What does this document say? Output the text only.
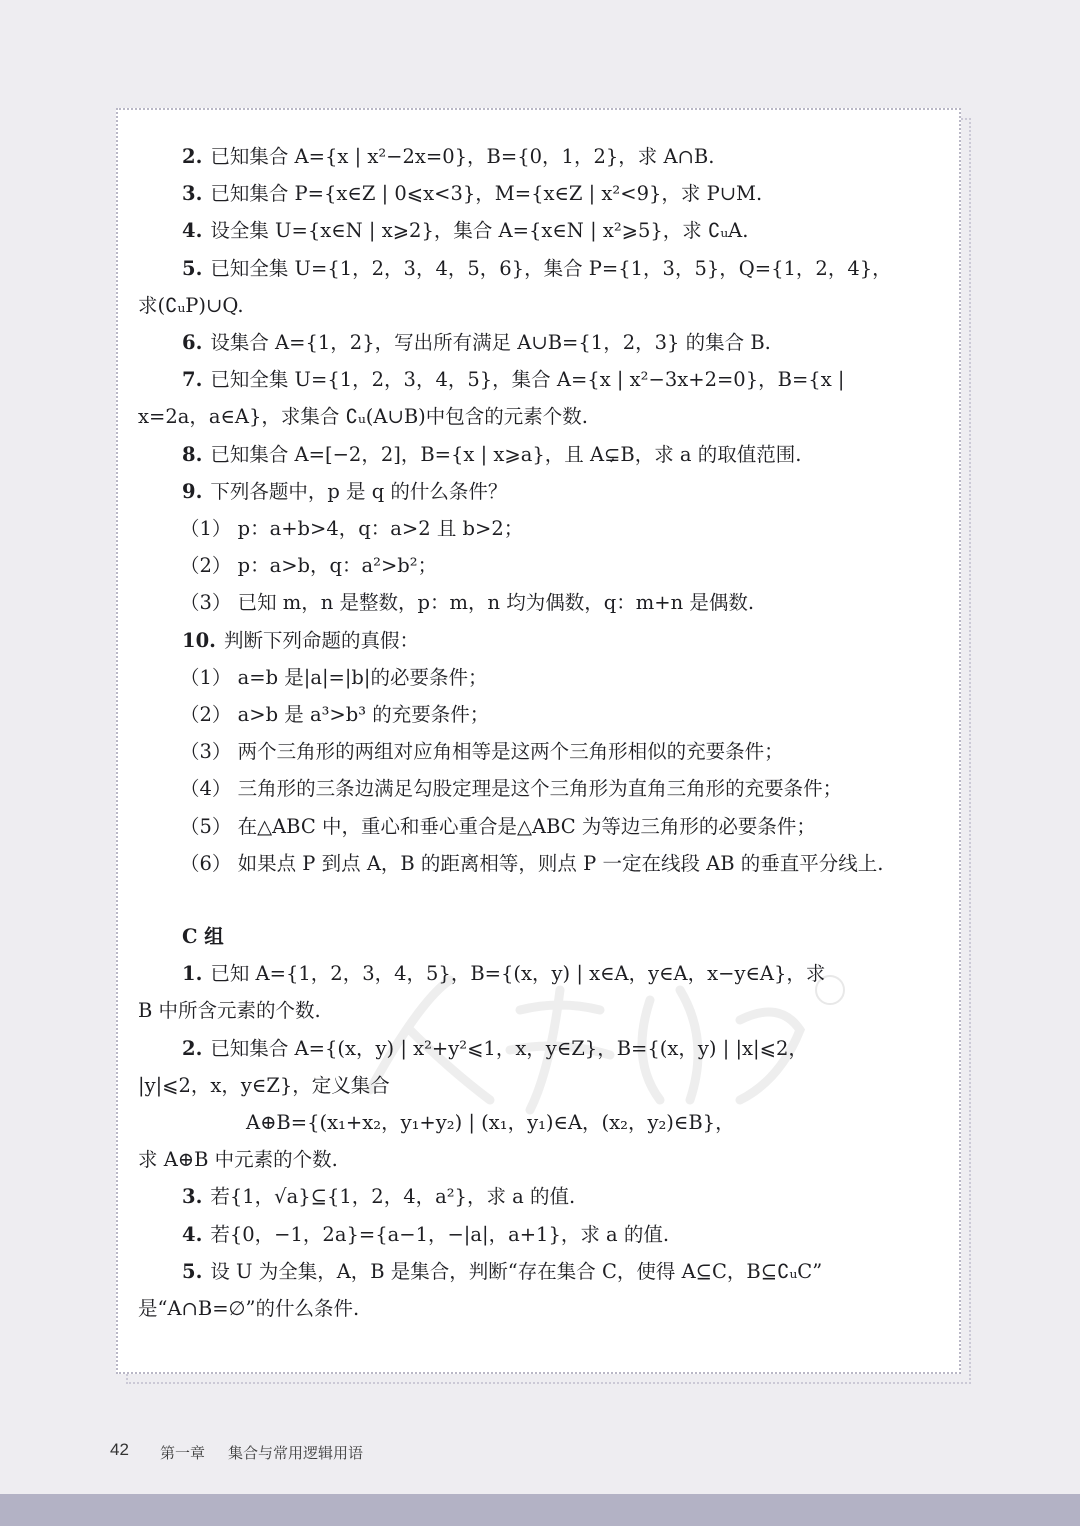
2. 已知集合 A={x | x²−2x=0}，B={0，1，2}，求 A∩B.
3. 已知集合 P={x∈Z | 0⩽x<3}，M={x∈Z | x²<9}，求 P∪M.
4. 设全集 U={x∈N | x⩾2}，集合 A={x∈N | x²⩾5}，求 ∁ᵤA.
5. 已知全集 U={1，2，3，4，5，6}，集合 P={1，3，5}，Q={1，2，4}，
求(∁ᵤP)∪Q.
6. 设集合 A={1，2}，写出所有满足 A∪B={1，2，3} 的集合 B.
7. 已知全集 U={1，2，3，4，5}，集合 A={x | x²−3x+2=0}，B={x |
x=2a，a∈A}，求集合 ∁ᵤ(A∪B)中包含的元素个数.
8. 已知集合 A=[−2，2]，B={x | x⩾a}，且 A⊊B，求 a 的取值范围.
9. 下列各题中，p 是 q 的什么条件？
（1） p：a+b>4，q：a>2 且 b>2；
（2） p：a>b，q：a²>b²；
（3） 已知 m，n 是整数，p：m，n 均为偶数，q：m+n 是偶数.
10. 判断下列命题的真假：
（1） a=b 是|a|=|b|的必要条件；
（2） a>b 是 a³>b³ 的充要条件；
（3） 两个三角形的两组对应角相等是这两个三角形相似的充要条件；
（4） 三角形的三条边满足勾股定理是这个三角形为直角三角形的充要条件；
（5） 在△ABC 中，重心和垂心重合是△ABC 为等边三角形的必要条件；
（6） 如果点 P 到点 A，B 的距离相等，则点 P 一定在线段 AB 的垂直平分线上.
C 组
1. 已知 A={1，2，3，4，5}，B={(x，y) | x∈A，y∈A，x−y∈A}，求
B 中所含元素的个数.
2. 已知集合 A={(x，y) | x²+y²⩽1，x，y∈Z}，B={(x，y) | |x|⩽2，
|y|⩽2，x，y∈Z}，定义集合
A⊕B={(x₁+x₂，y₁+y₂) | (x₁，y₁)∈A，(x₂，y₂)∈B}，
求 A⊕B 中元素的个数.
3. 若{1，√a}⊆{1，2，4，a²}，求 a 的值.
4. 若{0，−1，2a}={a−1，−|a|，a+1}，求 a 的值.
5. 设 U 为全集，A，B 是集合，判断“存在集合 C，使得 A⊆C，B⊆∁ᵤC”
是“A∩B=∅”的什么条件.
42 第一章 集合与常用逻辑用语
